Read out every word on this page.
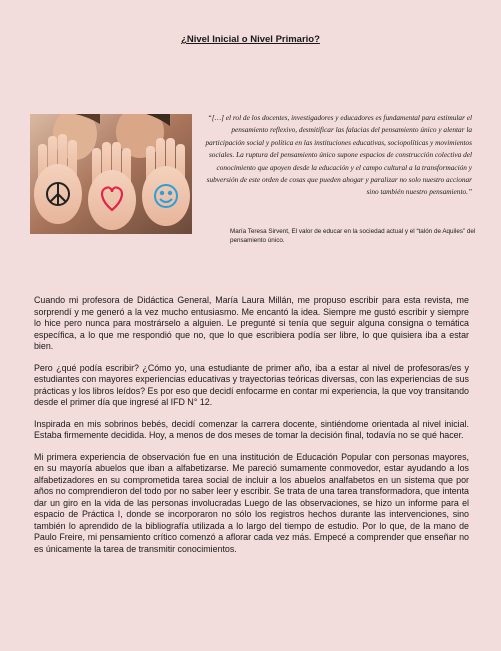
¿Nivel Inicial o Nivel Primario?

“[…] el rol de los docentes, investigadores y educadores es fundamental para estimular el pensamiento reflexivo, desmitificar las falacias del pensamiento único y alentar la participación social y política en las instituciones educativas, sociopolíticas y movimientos sociales. La ruptura del pensamiento único supone espacios de construcción colectiva del conocimiento que apoyen desde la educación y el campo cultural a la transformación y subversión de este orden de cosas que pueden ahogar y paralizar no solo nuestro accionar sino también nuestro pensamiento.”

María Teresa Sirvent, El valor de educar en la sociedad actual y el “talón de Aquiles” del pensamiento único.

Cuando mi profesora de Didáctica General, María Laura Millán, me propuso escribir para esta revista, me sorprendí y me generó a la vez mucho entusiasmo. Me encantó la idea. Siempre me gustó escribir y siempre lo hice pero nunca para mostrárselo a alguien. Le pregunté si tenía que seguir alguna consigna o temática específica, a lo que me respondió que no, que lo que escribiera podía ser libre, lo que quisiera iba a estar bien.

Pero ¿qué podía escribir? ¿Cómo yo, una estudiante de primer año, iba a estar al nivel de profesoras/es y estudiantes con mayores experiencias educativas y trayectorias teóricas diversas, con las experiencias de sus prácticas y los libros leídos? Es por eso que decidí enfocarme en contar mi experiencia, la que voy transitando desde el primer día que ingresé al IFD N° 12.

Inspirada en mis sobrinos bebés, decidí comenzar la carrera docente, sintiéndome orientada al nivel inicial. Estaba firmemente decidida. Hoy, a menos de dos meses de tomar la decisión final, todavía no se qué hacer.

Mi primera experiencia de observación fue en una institución de Educación Popular con personas mayores, en su mayoría abuelos que iban a alfabetizarse. Me pareció sumamente conmovedor, estar ayudando a los alfabetizadores en su comprometida tarea social de incluir a los abuelos analfabetos en un sistema que por años no comprendieron del todo por no saber leer y escribir. Se trata de una tarea transformadora, que intenta dar un giro en la vida de las personas involucradas Luego de las observaciones, se hizo un informe para el espacio de Práctica I, donde se incorporaron no sólo los registros hechos durante las intervenciones, sino también lo aprendido de la bibliografía utilizada a lo largo del tiempo de estudio. Por lo que, de la mano de Paulo Freire, mi pensamiento crítico comenzó a aflorar cada vez más. Empecé a comprender que enseñar no es únicamente la tarea de transmitir conocimientos.
